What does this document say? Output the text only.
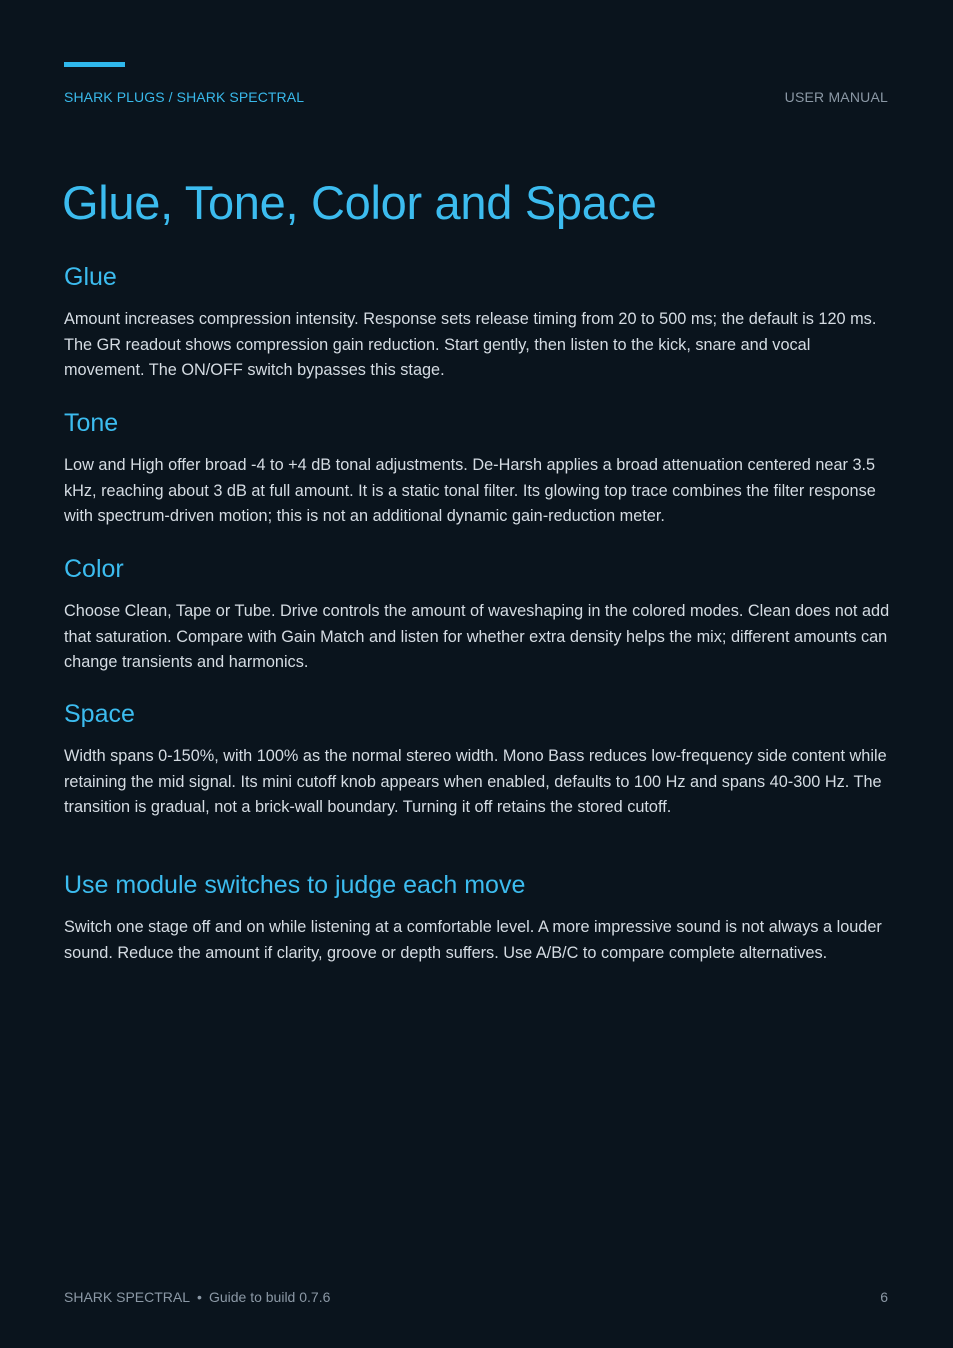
SHARK PLUGS / SHARK SPECTRAL	USER MANUAL
Glue, Tone, Color and Space
Glue

Amount increases compression intensity. Response sets release timing from 20 to 500 ms; the default is 120 ms. The GR readout shows compression gain reduction. Start gently, then listen to the kick, snare and vocal movement. The ON/OFF switch bypasses this stage.

Tone

Low and High offer broad -4 to +4 dB tonal adjustments. De-Harsh applies a broad attenuation centered near 3.5 kHz, reaching about 3 dB at full amount. It is a static tonal filter. Its glowing top trace combines the filter response with spectrum-driven motion; this is not an additional dynamic gain-reduction meter.

Color

Choose Clean, Tape or Tube. Drive controls the amount of waveshaping in the colored modes. Clean does not add that saturation. Compare with Gain Match and listen for whether extra density helps the mix; different amounts can change transients and harmonics.

Space

Width spans 0-150%, with 100% as the normal stereo width. Mono Bass reduces low-frequency side content while retaining the mid signal. Its mini cutoff knob appears when enabled, defaults to 100 Hz and spans 40-300 Hz. The transition is gradual, not a brick-wall boundary. Turning it off retains the stored cutoff.

Use module switches to judge each move

Switch one stage off and on while listening at a comfortable level. A more impressive sound is not always a louder sound. Reduce the amount if clarity, groove or depth suffers. Use A/B/C to compare complete alternatives.

SHARK SPECTRAL • Guide to build 0.7.6	6
